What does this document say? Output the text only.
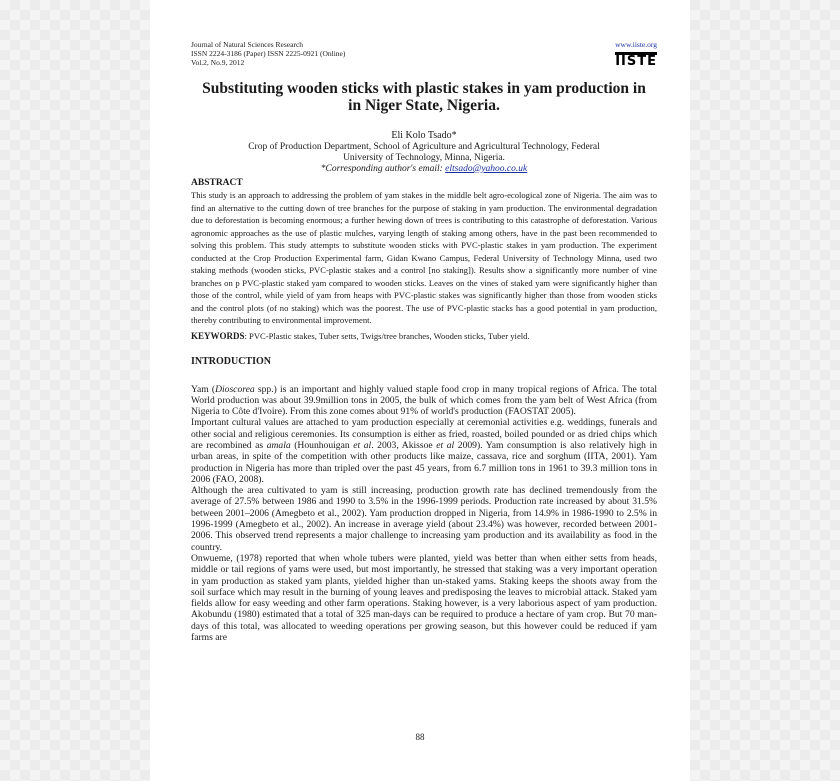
Journal of Natural Sciences Research
ISSN 2224-3186 (Paper) ISSN 2225-0921 (Online)
Vol.2, No.9, 2012
www.iiste.org
IISTE
Substituting wooden sticks with plastic stakes in yam production in
in Niger State, Nigeria.
Eli Kolo Tsado*
Crop of Production Department, School of Agriculture and Agricultural Technology, Federal
University of Technology, Minna, Nigeria.
*Corresponding author's email: eltsado@yahoo.co.uk
ABSTRACT

This study is an approach to addressing the problem of yam stakes in the middle belt agro-ecological zone of Nigeria. The aim was to find an alternative to the cutting down of tree branches for the purpose of staking in yam production. The environmental degradation due to deforestation is becoming enormous; a further hewing down of trees is contributing to this catastrophe of deforestation. Various agronomic approaches as the use of plastic mulches, varying length of staking among others, have in the past been recommended to solving this problem. This study attempts to substitute wooden sticks with PVC-plastic stakes in yam production. The experiment conducted at the Crop Production Experimental farm, Gidan Kwano Campus, Federal University of Technology Minna, used two staking methods (wooden sticks, PVC-plastic stakes and a control [no staking]). Results show a significantly more number of vine branches on p PVC-plastic staked yam compared to wooden sticks. Leaves on the vines of staked yam were significantly higher than those of the control, while yield of yam from heaps with PVC-plastic stakes was significantly higher than those from wooden sticks and the control plots (of no staking) which was the poorest. The use of PVC-plastic stacks has a good potential in yam production, thereby contributing to environmental improvement.

KEYWORDS: PVC-Plastic stakes, Tuber setts, Twigs/tree branches, Wooden sticks, Tuber yield.
INTRODUCTION

Yam (Dioscorea spp.) is an important and highly valued staple food crop in many tropical regions of Africa. The total World production was about 39.9million tons in 2005, the bulk of which comes from the yam belt of West Africa (from Nigeria to Côte d'Ivoire). From this zone comes about 91% of world's production (FAOSTAT 2005).

Important cultural values are attached to yam production especially at ceremonial activities e.g. weddings, funerals and other social and religious ceremonies. Its consumption is either as fried, roasted, boiled pounded or as dried chips which are recombined as amala (Hounhouigan et al. 2003, Akissoe et al 2009). Yam consumption is also relatively high in urban areas, in spite of the competition with other products like maize, cassava, rice and sorghum (IITA, 2001). Yam production in Nigeria has more than tripled over the past 45 years, from 6.7 million tons in 1961 to 39.3 million tons in 2006 (FAO, 2008).

Although the area cultivated to yam is still increasing, production growth rate has declined tremendously from the average of 27.5% between 1986 and 1990 to 3.5% in the 1996-1999 periods. Production rate increased by about 31.5% between 2001–2006 (Amegbeto et al., 2002). Yam production dropped in Nigeria, from 14.9% in 1986-1990 to 2.5% in 1996-1999 (Amegbeto et al., 2002). An increase in average yield (about 23.4%) was however, recorded between 2001-2006. This observed trend represents a major challenge to increasing yam production and its availability as food in the country.

Onwueme, (1978) reported that when whole tubers were planted, yield was better than when either setts from heads, middle or tail regions of yams were used, but most importantly, he stressed that staking was a very important operation in yam production as staked yam plants, yielded higher than un-staked yams. Staking keeps the shoots away from the soil surface which may result in the burning of young leaves and predisposing the leaves to microbial attack. Staked yam fields allow for easy weeding and other farm operations. Staking however, is a very laborious aspect of yam production. Akobundu (1980) estimated that a total of 325 man-days can be required to produce a hectare of yam crop. But 70 man-days of this total, was allocated to weeding operations per growing season, but this however could be reduced if yam farms are

88
